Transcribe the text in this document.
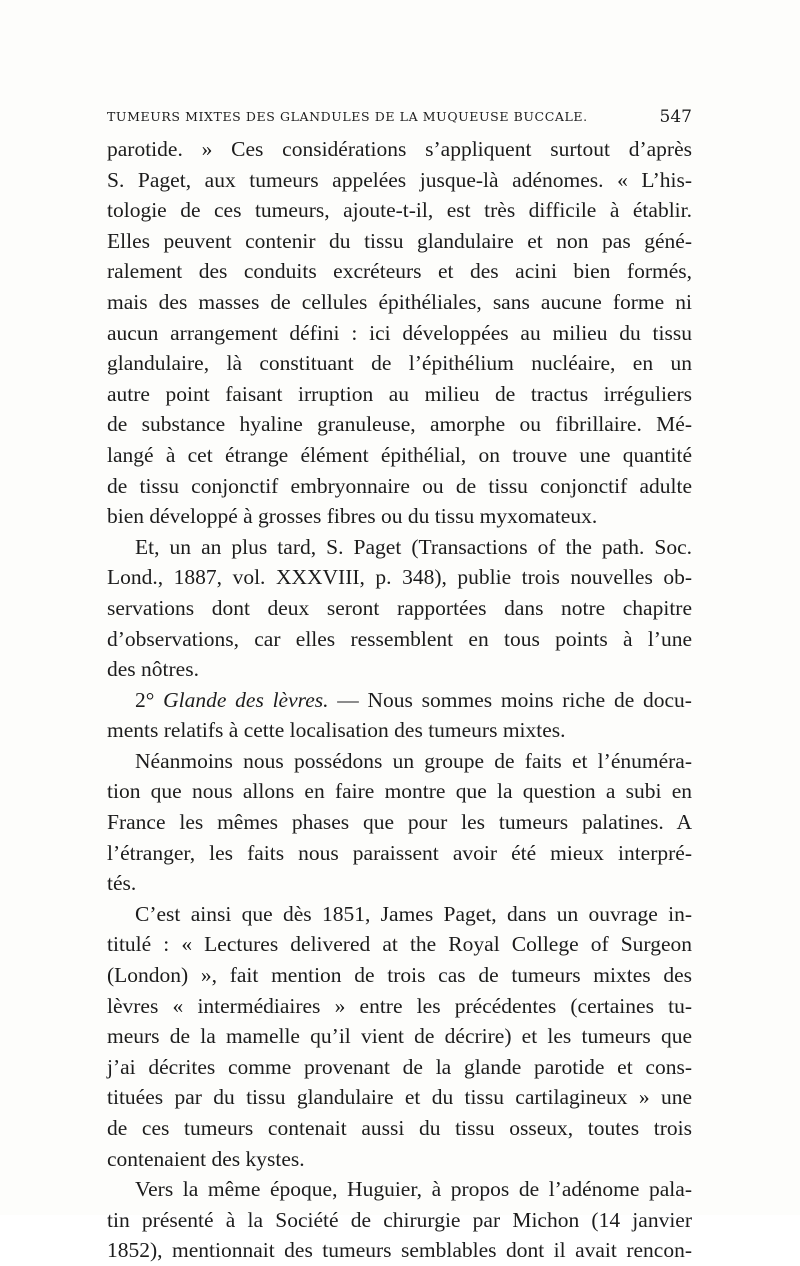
TUMEURS MIXTES DES GLANDULES DE LA MUQUEUSE BUCCALE.	547
parotide. » Ces considérations s’appliquent surtout d’après
S. Paget, aux tumeurs appelées jusque-là adénomes. « L’his-
tologie de ces tumeurs, ajoute-t-il, est très difficile à établir.
Elles peuvent contenir du tissu glandulaire et non pas géné-
ralement des conduits excréteurs et des acini bien formés,
mais des masses de cellules épithéliales, sans aucune forme ni
aucun arrangement défini : ici développées au milieu du tissu
glandulaire, là constituant de l’épithélium nucléaire, en un
autre point faisant irruption au milieu de tractus irréguliers
de substance hyaline granuleuse, amorphe ou fibrillaire. Mé-
langé à cet étrange élément épithélial, on trouve une quantité
de tissu conjonctif embryonnaire ou de tissu conjonctif adulte
bien développé à grosses fibres ou du tissu myxomateux.
Et, un an plus tard, S. Paget (Transactions of the path. Soc.
Lond., 1887, vol. XXXVIII, p. 348), publie trois nouvelles ob-
servations dont deux seront rapportées dans notre chapitre
d’observations, car elles ressemblent en tous points à l’une
des nôtres.
2° Glande des lèvres. — Nous sommes moins riche de docu-
ments relatifs à cette localisation des tumeurs mixtes.
Néanmoins nous possédons un groupe de faits et l’énuméra-
tion que nous allons en faire montre que la question a subi en
France les mêmes phases que pour les tumeurs palatines. A
l’étranger, les faits nous paraissent avoir été mieux interpré-
tés.
C’est ainsi que dès 1851, James Paget, dans un ouvrage in-
titulé : « Lectures delivered at the Royal College of Surgeon
(London) », fait mention de trois cas de tumeurs mixtes des
lèvres « intermédiaires » entre les précédentes (certaines tu-
meurs de la mamelle qu’il vient de décrire) et les tumeurs que
j’ai décrites comme provenant de la glande parotide et cons-
tituées par du tissu glandulaire et du tissu cartilagineux » une
de ces tumeurs contenait aussi du tissu osseux, toutes trois
contenaient des kystes.
Vers la même époque, Huguier, à propos de l’adénome pala-
tin présenté à la Société de chirurgie par Michon (14 janvier
1852), mentionnait des tumeurs semblables dont il avait rencon-
